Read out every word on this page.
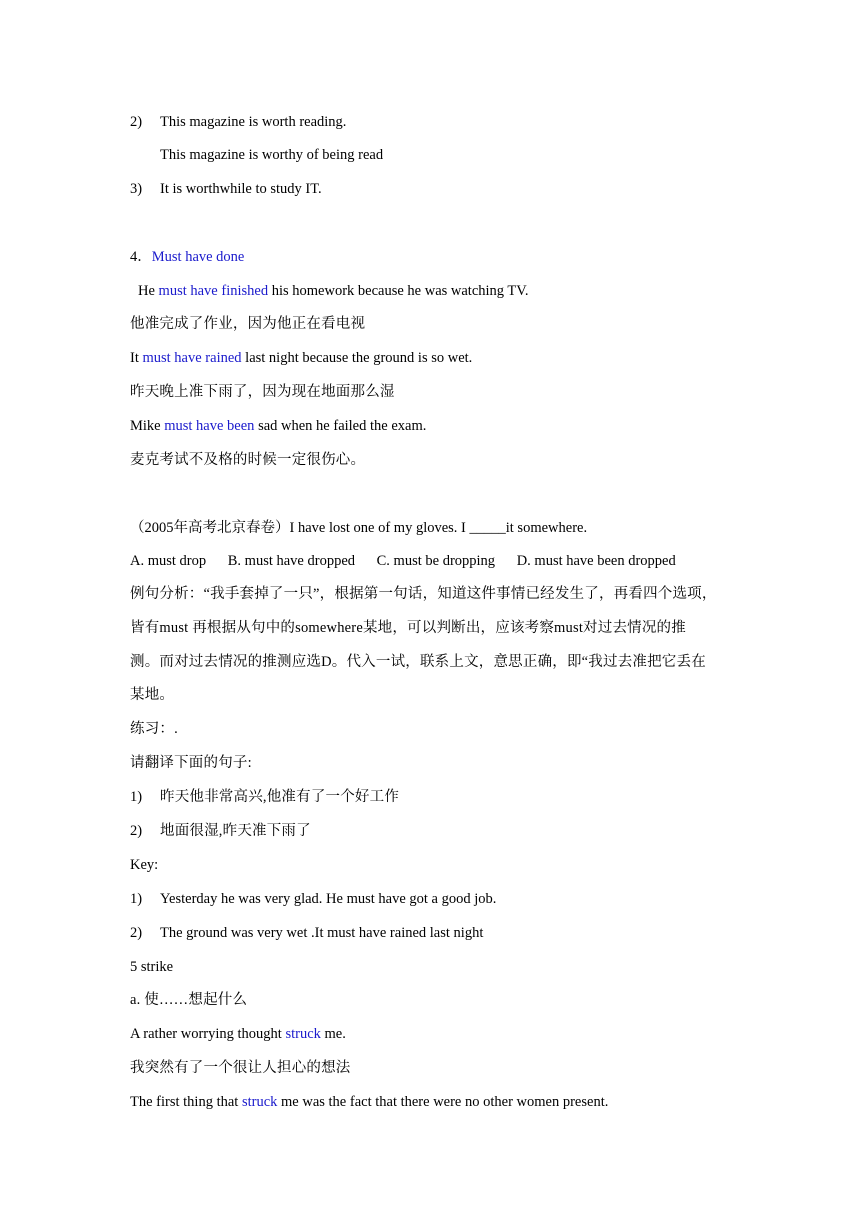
2) This magazine is worth reading.
This magazine is worthy of being read
3) It is worthwhile to study IT.
4．Must have done
He must have finished his homework because he was watching TV.
他准完成了作业，因为他正在看电视
It must have rained last night because the ground is so wet.
昨天晚上准下雨了，因为现在地面那么湿
Mike must have been sad when he failed the exam.
麦克考试不及格的时候一定很伤心。
（2005年高考北京春卷）I have lost one of my gloves. I _____it somewhere.
A. must drop B. must have dropped C. must be dropping D. must have been dropped
例句分析：“我手套掉了一只”，根据第一句话，知道这件事情已经发生了，再看四个选项，
皆有must 再根据从句中的somewhere某地，可以判断出，应该考察must对过去情况的推
测。而对过去情况的推测应选D。代入一试，联系上文，意思正确，即“我过去准把它丢在
某地。
练习：.
请翻译下面的句子:
1) 昨天他非常高兴,他准有了一个好工作
2) 地面很湿,昨天准下雨了
Key:
1) Yesterday he was very glad. He must have got a good job.
2) The ground was very wet .It must have rained last night
5 strike
a. 使……想起什么
A rather worrying thought struck me.
我突然有了一个很让人担心的想法
The first thing that struck me was the fact that there were no other women present.
